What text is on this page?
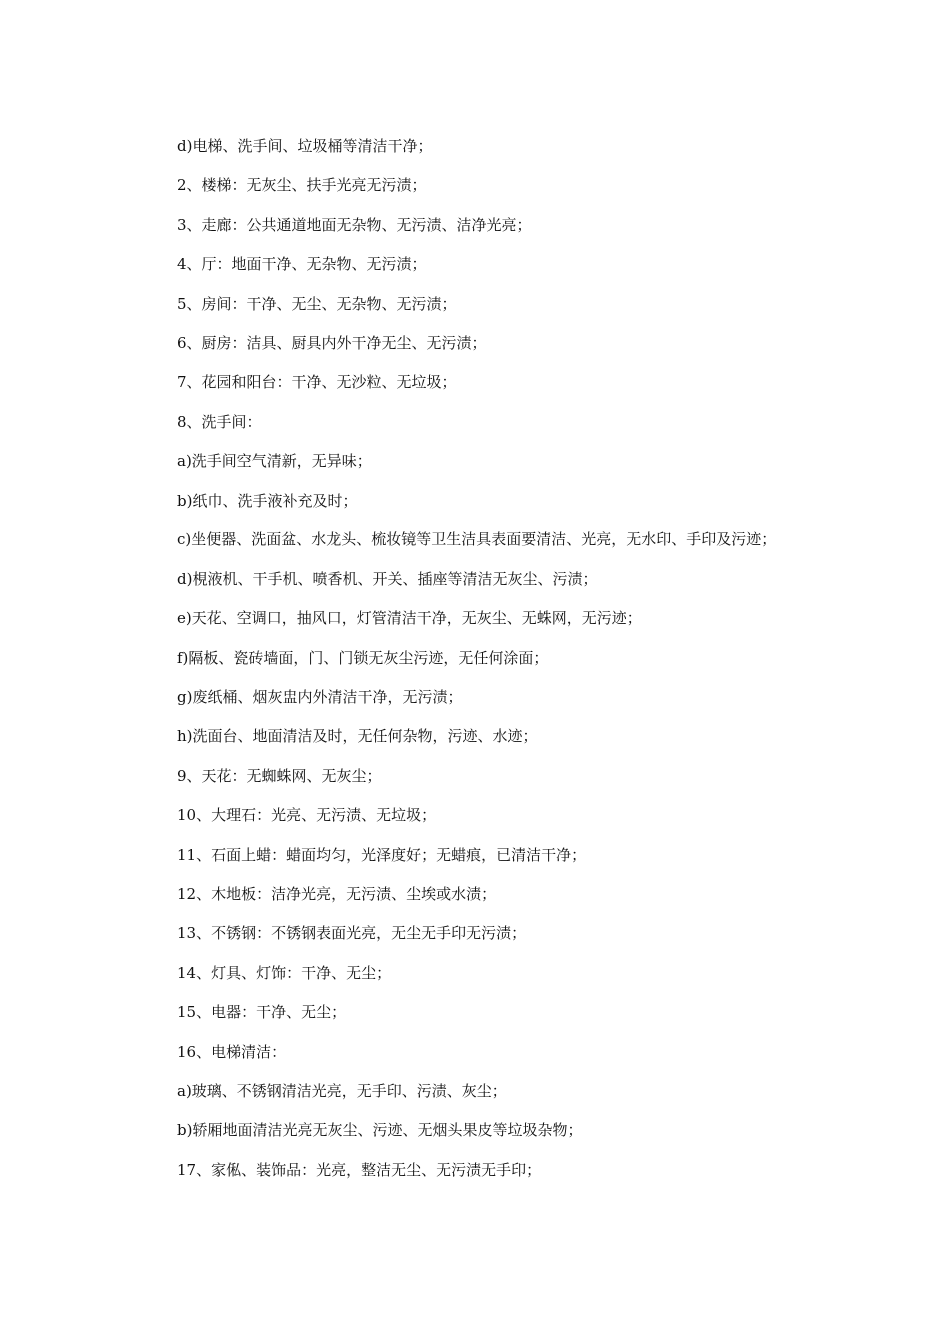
d)电梯、洗手间、垃圾桶等清洁干净；

2、楼梯：无灰尘、扶手光亮无污渍；

3、走廊：公共通道地面无杂物、无污渍、洁净光亮；

4、厅：地面干净、无杂物、无污渍；

5、房间：干净、无尘、无杂物、无污渍；

6、厨房：洁具、厨具内外干净无尘、无污渍；

7、花园和阳台：干净、无沙粒、无垃圾；

8、洗手间：

a)洗手间空气清新，无异味；

b)纸巾、洗手液补充及时；

c)坐便器、洗面盆、水龙头、梳妆镜等卫生洁具表面要清洁、光亮，无水印、手印及污迹；

d)梘液机、干手机、喷香机、开关、插座等清洁无灰尘、污渍；

e)天花、空调口，抽风口，灯管清洁干净，无灰尘、无蛛网，无污迹；

f)隔板、瓷砖墙面，门、门锁无灰尘污迹，无任何涂面；

g)废纸桶、烟灰盅内外清洁干净，无污渍；

h)洗面台、地面清洁及时，无任何杂物，污迹、水迹；

9、天花：无蜘蛛网、无灰尘；

10、大理石：光亮、无污渍、无垃圾；

11、石面上蜡：蜡面均匀，光泽度好；无蜡痕，已清洁干净；

12、木地板：洁净光亮，无污渍、尘埃或水渍；

13、不锈钢：不锈钢表面光亮，无尘无手印无污渍；

14、灯具、灯饰：干净、无尘；

15、电器：干净、无尘；

16、电梯清洁：

a)玻璃、不锈钢清洁光亮，无手印、污渍、灰尘；

b)轿厢地面清洁光亮无灰尘、污迹、无烟头果皮等垃圾杂物；

17、家俬、装饰品：光亮，整洁无尘、无污渍无手印；
